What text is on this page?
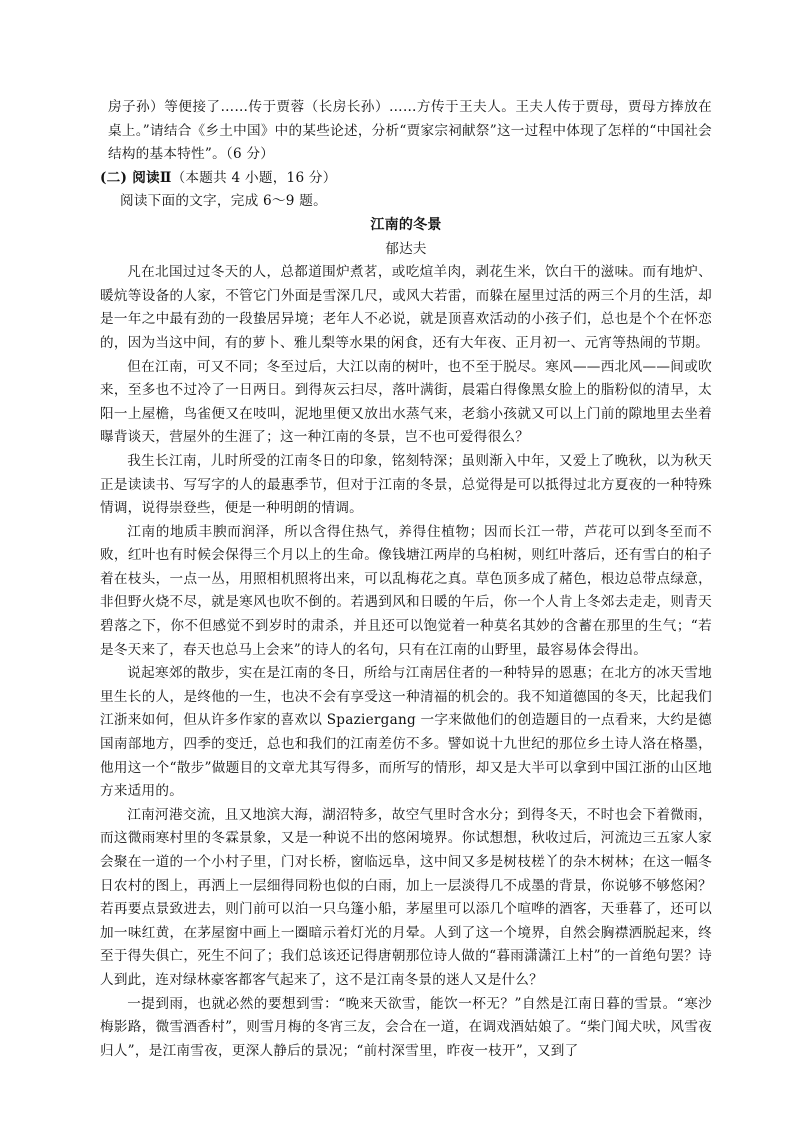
房子孙）等便接了……传于贾蓉（长房长孙）……方传于王夫人。王夫人传于贾母，贾母方捧放在桌上。”请结合《乡土中国》中的某些论述，分析“贾家宗祠献祭”这一过程中体现了怎样的“中国社会结构的基本特性”。（6 分）

(二) 阅读Ⅱ（本题共 4 小题，16 分）

阅读下面的文字，完成 6～9 题。

江南的冬景

郁达夫

凡在北国过过冬天的人，总都道围炉煮茗，或吃煊羊肉，剥花生米，饮白干的滋味。而有地炉、暖炕等设备的人家，不管它门外面是雪深几尺，或风大若雷，而躲在屋里过活的两三个月的生活，却是一年之中最有劲的一段蛰居异境；老年人不必说，就是顶喜欢活动的小孩子们，总也是个个在怀恋的，因为当这中间，有的萝卜、雅儿梨等水果的闲食，还有大年夜、正月初一、元宵等热闹的节期。

但在江南，可又不同；冬至过后，大江以南的树叶，也不至于脱尽。寒风——西北风——间或吹来，至多也不过冷了一日两日。到得灰云扫尽，落叶满街，晨霜白得像黑女脸上的脂粉似的清早，太阳一上屋檐，鸟雀便又在吱叫，泥地里便又放出水蒸气来，老翁小孩就又可以上门前的隙地里去坐着曝背谈天，营屋外的生涯了；这一种江南的冬景，岂不也可爱得很么？

我生长江南，儿时所受的江南冬日的印象，铭刻特深；虽则渐入中年，又爱上了晚秋，以为秋天正是读读书、写写字的人的最惠季节，但对于江南的冬景，总觉得是可以抵得过北方夏夜的一种特殊情调，说得崇登些，便是一种明朗的情调。

江南的地质丰腴而润泽，所以含得住热气，养得住植物；因而长江一带，芦花可以到冬至而不败，红叶也有时候会保得三个月以上的生命。像钱塘江两岸的乌桕树，则红叶落后，还有雪白的桕子着在枝头，一点一丛，用照相机照将出来，可以乱梅花之真。草色顶多成了赭色，根边总带点绿意，非但野火烧不尽，就是寒风也吹不倒的。若遇到风和日暖的午后，你一个人肯上冬郊去走走，则青天碧落之下，你不但感觉不到岁时的肃杀，并且还可以饱觉着一种莫名其妙的含蓄在那里的生气；“若是冬天来了，春天也总马上会来”的诗人的名句，只有在江南的山野里，最容易体会得出。

说起寒郊的散步，实在是江南的冬日，所给与江南居住者的一种特异的恩惠；在北方的冰天雪地里生长的人，是终他的一生，也决不会有享受这一种清福的机会的。我不知道德国的冬天，比起我们江浙来如何，但从许多作家的喜欢以 Spaziergang 一字来做他们的创造题目的一点看来，大约是德国南部地方，四季的变迁，总也和我们的江南差仿不多。譬如说十九世纪的那位乡土诗人洛在格墨，他用这一个“散步”做题目的文章尤其写得多，而所写的情形，却又是大半可以拿到中国江浙的山区地方来适用的。

江南河港交流，且又地滨大海，湖沼特多，故空气里时含水分；到得冬天，不时也会下着微雨，而这微雨寒村里的冬霖景象，又是一种说不出的悠闲境界。你试想想，秋收过后，河流边三五家人家会聚在一道的一个小村子里，门对长桥，窗临远阜，这中间又多是树枝槎丫的杂木树林；在这一幅冬日农村的图上，再洒上一层细得同粉也似的白雨，加上一层淡得几不成墨的背景，你说够不够悠闲？若再要点景致进去，则门前可以泊一只乌篷小船，茅屋里可以添几个喧哗的酒客，天垂暮了，还可以加一味红黄，在茅屋窗中画上一圈暗示着灯光的月晕。人到了这一个境界，自然会胸襟洒脱起来，终至于得失俱亡，死生不问了；我们总该还记得唐朝那位诗人做的“暮雨潇潇江上村”的一首绝句罢？诗人到此，连对绿林豪客都客气起来了，这不是江南冬景的迷人又是什么？

一提到雨，也就必然的要想到雪：“晚来天欲雪，能饮一杯无？”自然是江南日暮的雪景。“寒沙梅影路，微雪酒香村”，则雪月梅的冬宵三友，会合在一道，在调戏酒姑娘了。“柴门闻犬吠，风雪夜归人”，是江南雪夜，更深人静后的景况；“前村深雪里，昨夜一枝开”，又到了
